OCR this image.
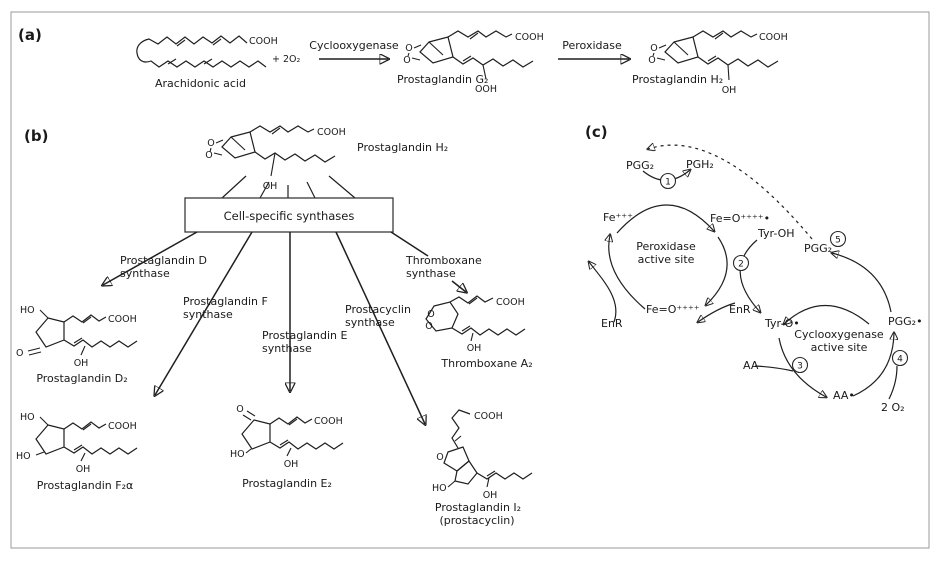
(a)	COOH
Arachidonic acid
+ 2O₂
Cyclooxygenase O
O
COOH
OOH
Prostaglandin G₂
Peroxidase	O
O
COOH
OH
Prostaglandin H₂
(b)	O
O
COOH
OH
Prostaglandin H₂
Cell-specific synthases
Prostaglandin D
synthase
Prostaglandin F
synthase
Prostaglandin E
synthase
Prostacyclin
synthase
Thromboxane
synthase
HO
O
COOH
OH
Prostaglandin D₂
HO
HO
COOH
OH
Prostaglandin F₂α
O
HO
COOH
OH
Prostaglandin E₂
O
O
COOH
OH
Thromboxane A₂
COOH
O
HO
OH
Prostaglandin I₂
(prostacyclin)
(c)
PGG₂	PGH₂
Fe⁺⁺⁺	Fe=O⁺⁺⁺⁺•
Tyr-OH
Peroxidase
active site
Fe=O⁺⁺⁺⁺
EnR
EnR
Tyr-O•
Cyclooxygenase
active site
PGG₂•
AA
AA•
2 O₂
PGG₂
1
2
3
4
5
